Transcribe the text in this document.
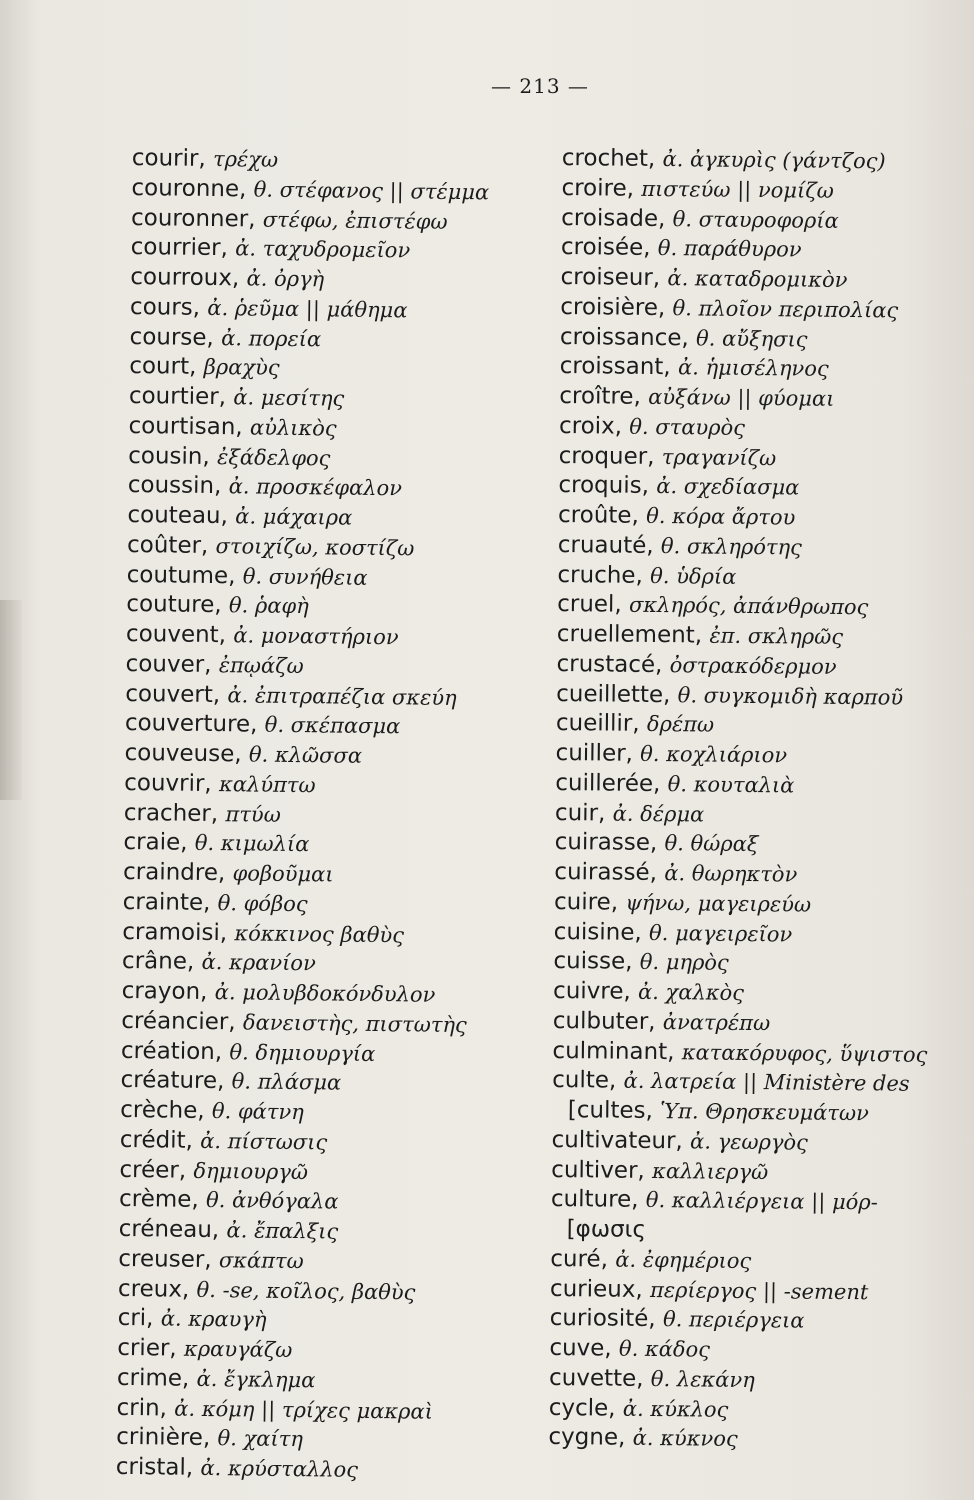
— 213 —
courir, τρέχω
couronne, θ. στέφανος || στέμμα
couronner, στέφω, ἐπιστέφω
courrier, ἀ. ταχυδρομεῖον
courroux, ἀ. ὀργὴ
cours, ἀ. ῥεῦμα || μάθημα
course, ἀ. πορεία
court, βραχὺς
courtier, ἀ. μεσίτης
courtisan, αὐλικὸς
cousin, ἐξάδελφος
coussin, ἀ. προσκέφαλον
couteau, ἀ. μάχαιρα
coûter, στοιχίζω, κοστίζω
coutume, θ. συνήθεια
couture, θ. ῥαφὴ
couvent, ἀ. μοναστήριον
couver, ἐπῳάζω
couvert, ἀ. ἐπιτραπέζια σκεύη
couverture, θ. σκέπασμα
couveuse, θ. κλῶσσα
couvrir, καλύπτω
cracher, πτύω
craie, θ. κιμωλία
craindre, φοβοῦμαι
crainte, θ. φόβος
cramoisi, κόκκινος βαθὺς
crâne, ἀ. κρανίον
crayon, ἀ. μολυβδοκόνδυλον
créancier, δανειστὴς, πιστωτὴς
création, θ. δημιουργία
créature, θ. πλάσμα
crèche, θ. φάτνη
crédit, ἀ. πίστωσις
créer, δημιουργῶ
crème, θ. ἀνθόγαλα
créneau, ἀ. ἔπαλξις
creuser, σκάπτω
creux, θ. -se, κοῖλος, βαθὺς
cri, ἀ. κραυγὴ
crier, κραυγάζω
crime, ἀ. ἔγκλημα
crin, ἀ. κόμη || τρίχες μακραὶ
crinière, θ. χαίτη
cristal, ἀ. κρύσταλλος
crochet, ἀ. ἀγκυρὶς (γάντζος)
croire, πιστεύω || νομίζω
croisade, θ. σταυροφορία
croisée, θ. παράθυρον
croiseur, ἀ. καταδρομικὸν
croisière, θ. πλοῖον περιπολίας
croissance, θ. αὔξησις
croissant, ἀ. ἡμισέληνος
croître, αὐξάνω || φύομαι
croix, θ. σταυρὸς
croquer, τραγανίζω
croquis, ἀ. σχεδίασμα
croûte, θ. κόρα ἄρτου
cruauté, θ. σκληρότης
cruche, θ. ὑδρία
cruel, σκληρός, ἀπάνθρωπος
cruellement, ἐπ. σκληρῶς
crustacé, ὀστρακόδερμον
cueillette, θ. συγκομιδὴ καρποῦ
cueillir, δρέπω
cuiller, θ. κοχλιάριον
cuillerée, θ. κουταλιὰ
cuir, ἀ. δέρμα
cuirasse, θ. θώραξ
cuirassé, ἀ. θωρηκτὸν
cuire, ψήνω, μαγειρεύω
cuisine, θ. μαγειρεῖον
cuisse, θ. μηρὸς
cuivre, ἀ. χαλκὸς
culbuter, ἀνατρέπω
culminant, κατακόρυφος, ὕψιστος
culte, ἀ. λατρεία || Ministère des
[cultes, Ὑπ. Θρησκευμάτων
cultivateur, ἀ. γεωργὸς
cultiver, καλλιεργῶ
culture, θ. καλλιέργεια || μόρ-
[φωσις
curé, ἀ. ἐφημέριος
curieux, περίεργος || -sement
curiosité, θ. περιέργεια
cuve, θ. κάδος
cuvette, θ. λεκάνη
cycle, ἀ. κύκλος
cygne, ἀ. κύκνος
